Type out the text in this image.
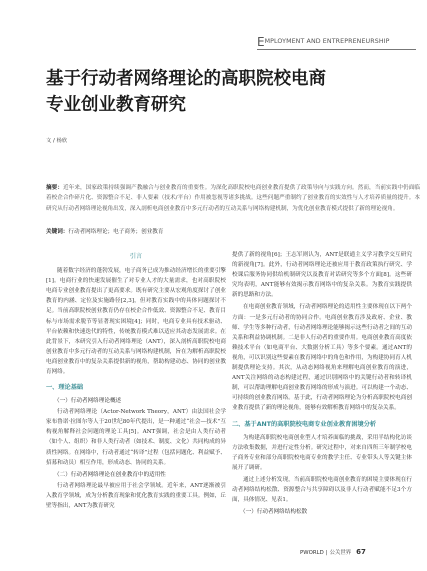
E MPLOYMENT AND ENTREPRENEURSHIP
基于行动者网络理论的高职院校电商
专业创业教育研究
文 / 杨欣

摘要：近年来，国家政策持续强调产教融合与创业教育的重要性。为深化高职院校电商创业教育提供了政策导向与实践方向。然而，当前实践中仍面临着校企合作碎片化、资源整合不足、非人要素（技术/平台）作用被忽视等诸多挑战。这些问题严重制约了创业教育的实效性与人才培养质量的提升。本研究从行动者网络理论视角出发，深入剖析电商创业教育中多元行动者的互动关系与网络构建机制，为优化创业教育模式提供了新的理论视角。

关键词：行动者网络理论；电子商务；创业教育

引言

随着数字经济的蓬勃发展，电子商务已成为推动经济增长的重要引擎[1]。电商行业的快速发展催生了对专业人才的大量需求，也对高职院校电商专业创业教育提出了更高要求。既有研究主要从宏观角度探讨了创业教育的内涵、定位及实施路径[2,3]，但对教育实践中的具体问题探讨不足。当前高职院校创业教育仍存在校企合作低效、资源整合不足、教育目标与市场需求脱节等显著现实困境[4]；同时，电商专业具有技术驱动、平台依赖和快速迭代的特性，传统教育模式难以适应其动态发展需求。在此背景下，本研究引入行动者网络理论（ANT），深入剖析高职院校电商创业教育中多元行动者的互动关系与网络构建机制，旨在为解析高职院校电商创业教育中的复杂关系提供新的视角，帮助构建动态、协同的创业教育网络。

一、理论基础
（一）行动者网络理论概述

行动者网络理论（Actor-Network Theory，ANT）由法国社会学家布鲁诺·拉图尔等人于20世纪80年代提出，是一种通过“社会—技术”互构视角解释社会问题的理论工具[5]。ANT强调，社会是由人类行动者（如个人、组织）和非人类行动者（如技术、制度、文化）共同构成的异质性网络。在网络中，行动者通过“转译”过程（包括问题化、利益赋予、招募和动员）相互作用，形成动态、协同的关系。

（二）行动者网络理论在创业教育中的适用性

行动者网络理论最早被应用于社会学领域。近年来，ANT逐渐被引入教育学领域，成为分析教育现象和优化教育实践的重要工具。例如，丘壁等指出，ANT为教育研究

提供了新的视角[6]；王志军则认为，ANT是联通主义学习教学交互研究的新视角[7]。此外，行动者网络理论还被应用于教育政策执行研究、学校课后服务协同供给机制研究以及教育对话研究等多个方面[8]。这些研究均表明，ANT能够有效揭示教育网络中的复杂关系。为教育实践提供新的思路和方法。

在电商创业教育领域，行动者网络理论的适用性主要体现在以下两个方面：一是多元行动者的协同合作。电商创业教育涉及政府、企业、教师、学生等多种行动者，行动者网络理论能够揭示这些行动者之间的互动关系和利益协调机制。二是非人行动者的重要作用。电商创业教育高度依赖技术平台（如电商平台、大数据分析工具）等多个要素。通过ANT的视角，可以识别这些要素在教育网络中的角色和作用，为构建协同育人机制提供理论支持。其次，从动态网络视角来理解电商创业教育的演进，ANT关注网络的动态构建过程，通过识别网络中的关键行动者和转译机制，可以帮助理解电商创业教育网络的形成与演进。可以构建一个动态、可持续的创业教育网络。基于此，行动者网络理论为分析高职院校电商创业教育提供了新的理论视角，能够有效解析教育网络中的复杂关系。

二、基于ANT的高职院校电商专业创业教育困境分析

为构建高职院校电商创业型人才培养面临的挑战，采用半结构化访谈方法收集数据，并进行定性分析。研究过程中，对来自四所三年制学校电子商务专业和部分高职院校电商专业的教学主任、专业带头人等关键主体展开了调研。

通过上述分析发现，当前高职院校电商创业教育的困境主要体现在行动者网络结构松散、资源整合与共享障碍以及非人行动者赋能不足3个方面，具体情况、见表1。

（一）行动者网络结构松散
PWORLD | 公关世界 67
